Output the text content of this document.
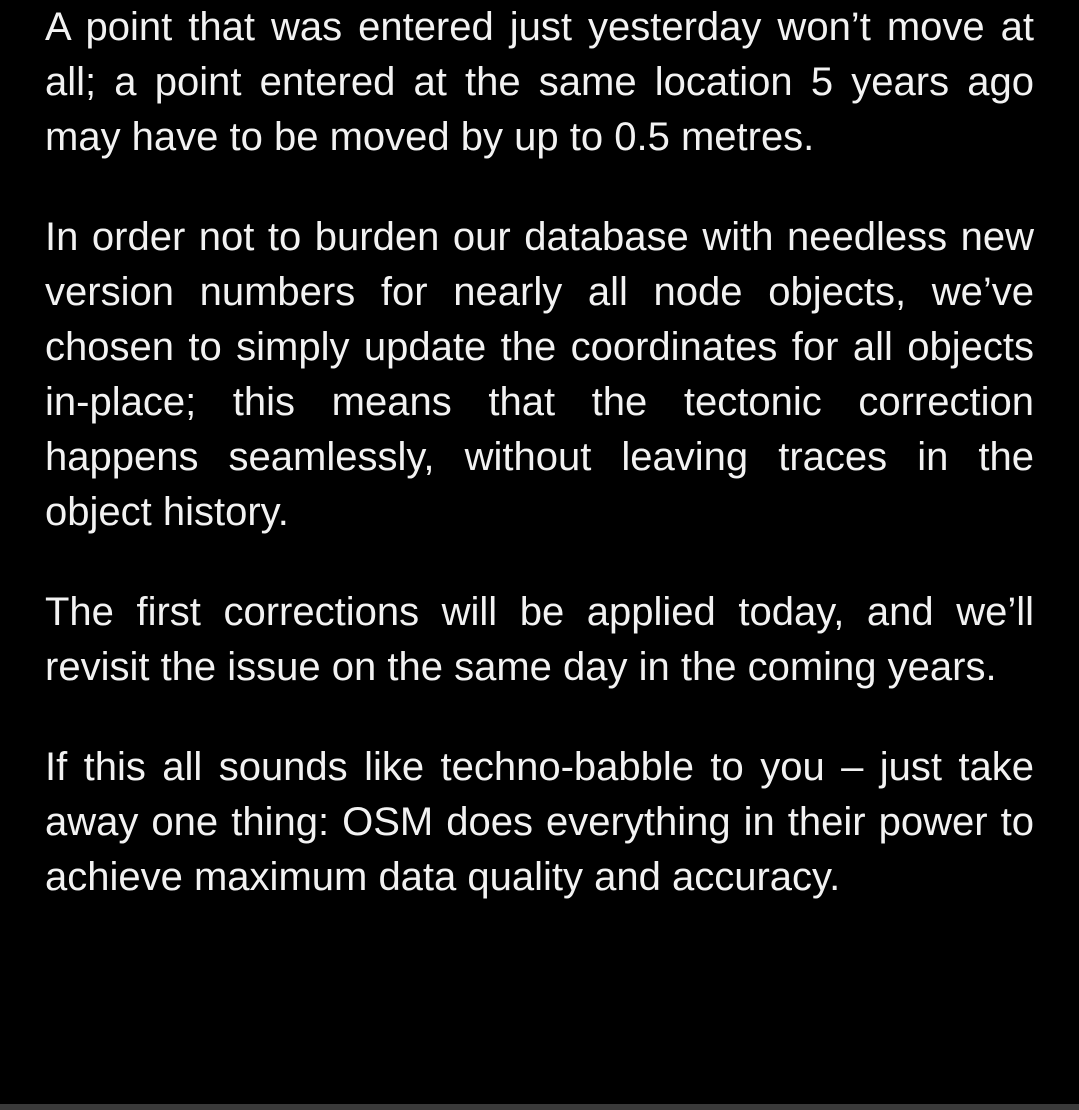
A point that was entered just yesterday won’t move at all; a point entered at the same location 5 years ago may have to be moved by up to 0.5 metres.

In order not to burden our database with needless new version numbers for nearly all node objects, we’ve chosen to simply update the coordinates for all objects in-place; this means that the tectonic correction happens seamlessly, without leaving traces in the object history.

The first corrections will be applied today, and we’ll revisit the issue on the same day in the coming years.

If this all sounds like techno-babble to you – just take away one thing: OSM does everything in their power to achieve maximum data quality and accuracy.
